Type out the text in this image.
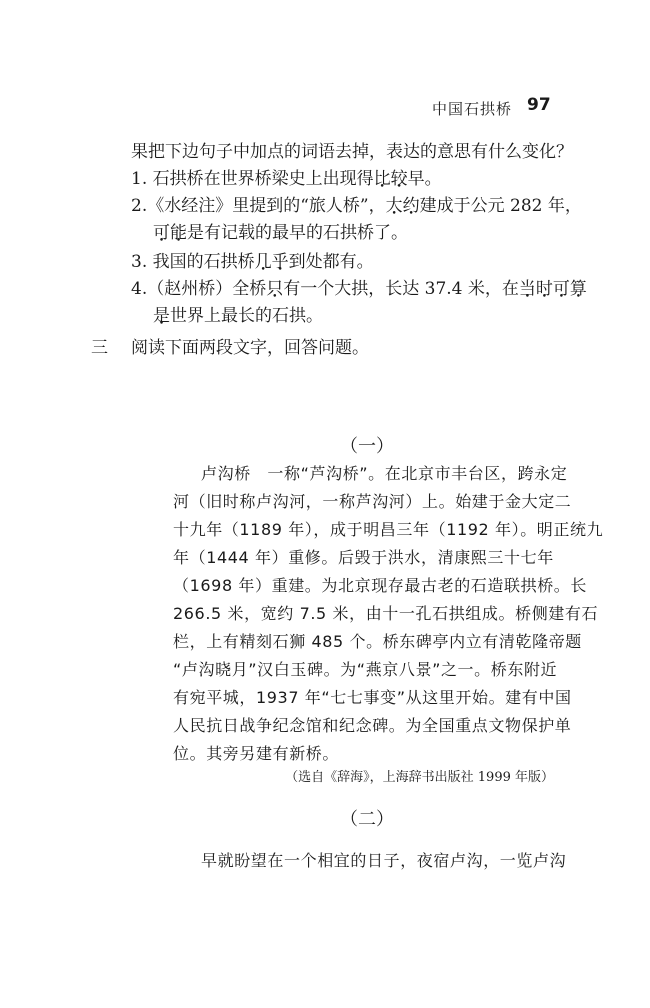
中国石拱桥 97
果把下边句子中加点的词语去掉，表达的意思有什么变化？
1. 石拱桥在世界桥梁史上出现得比较早。
2.《水经注》里提到的“旅人桥”，大约建成于公元 282 年，
可能是有记载的最早的石拱桥了。
3. 我国的石拱桥几乎到处都有。
4.（赵州桥）全桥只有一个大拱，长达 37.4 米，在当时可算
是世界上最长的石拱。
三 阅读下面两段文字，回答问题。
（一）
卢沟桥　一称“芦沟桥”。在北京市丰台区，跨永定
河（旧时称卢沟河，一称芦沟河）上。始建于金大定二
十九年（1189 年），成于明昌三年（1192 年）。明正统九
年（1444 年）重修。后毁于洪水，清康熙三十七年
（1698 年）重建。为北京现存最古老的石造联拱桥。长
266.5 米，宽约 7.5 米，由十一孔石拱组成。桥侧建有石
栏，上有精刻石狮 485 个。桥东碑亭内立有清乾隆帝题
“卢沟晓月”汉白玉碑。为“燕京八景”之一。桥东附近
有宛平城，1937 年“七七事变”从这里开始。建有中国
人民抗日战争纪念馆和纪念碑。为全国重点文物保护单
位。其旁另建有新桥。
（选自《辞海》，上海辞书出版社 1999 年版）
（二）
早就盼望在一个相宜的日子，夜宿卢沟，一览卢沟
